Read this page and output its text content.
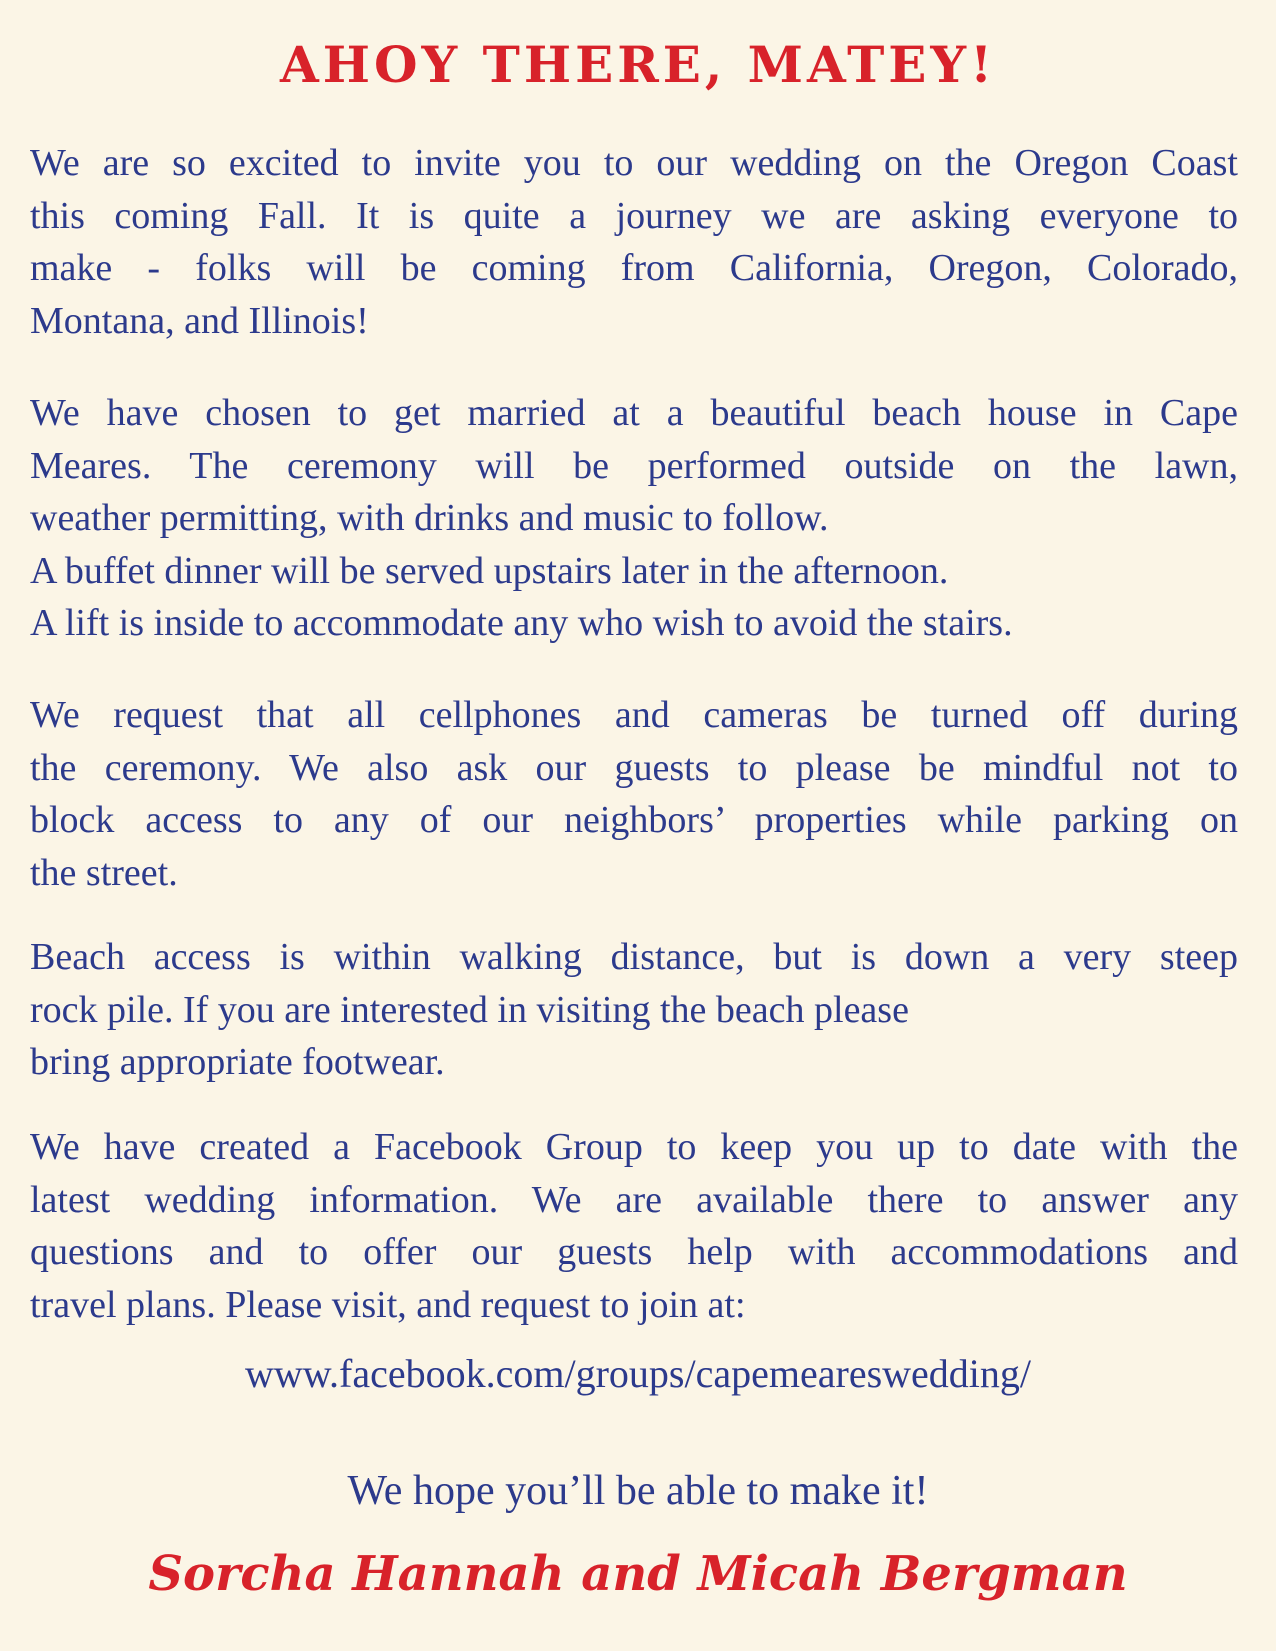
AHOY THERE, MATEY!
We are so excited to invite you to our wedding on the Oregon Coast
this coming Fall. It is quite a journey we are asking everyone to
make - folks will be coming from California, Oregon, Colorado,
Montana, and Illinois!
We have chosen to get married at a beautiful beach house in Cape
Meares. The ceremony will be performed outside on the lawn,
weather permitting, with drinks and music to follow.
A buffet dinner will be served upstairs later in the afternoon.
A lift is inside to accommodate any who wish to avoid the stairs.
We request that all cellphones and cameras be turned off during
the ceremony. We also ask our guests to please be mindful not to
block access to any of our neighbors’ properties while parking on
the street.
Beach access is within walking distance, but is down a very steep
rock pile. If you are interested in visiting the beach please
bring appropriate footwear.
We have created a Facebook Group to keep you up to date with the
latest wedding information. We are available there to answer any
questions and to offer our guests help with accommodations and
travel plans. Please visit, and request to join at:
www.facebook.com/groups/capemeareswedding/
We hope you’ll be able to make it!
Sorcha Hannah and Micah Bergman
